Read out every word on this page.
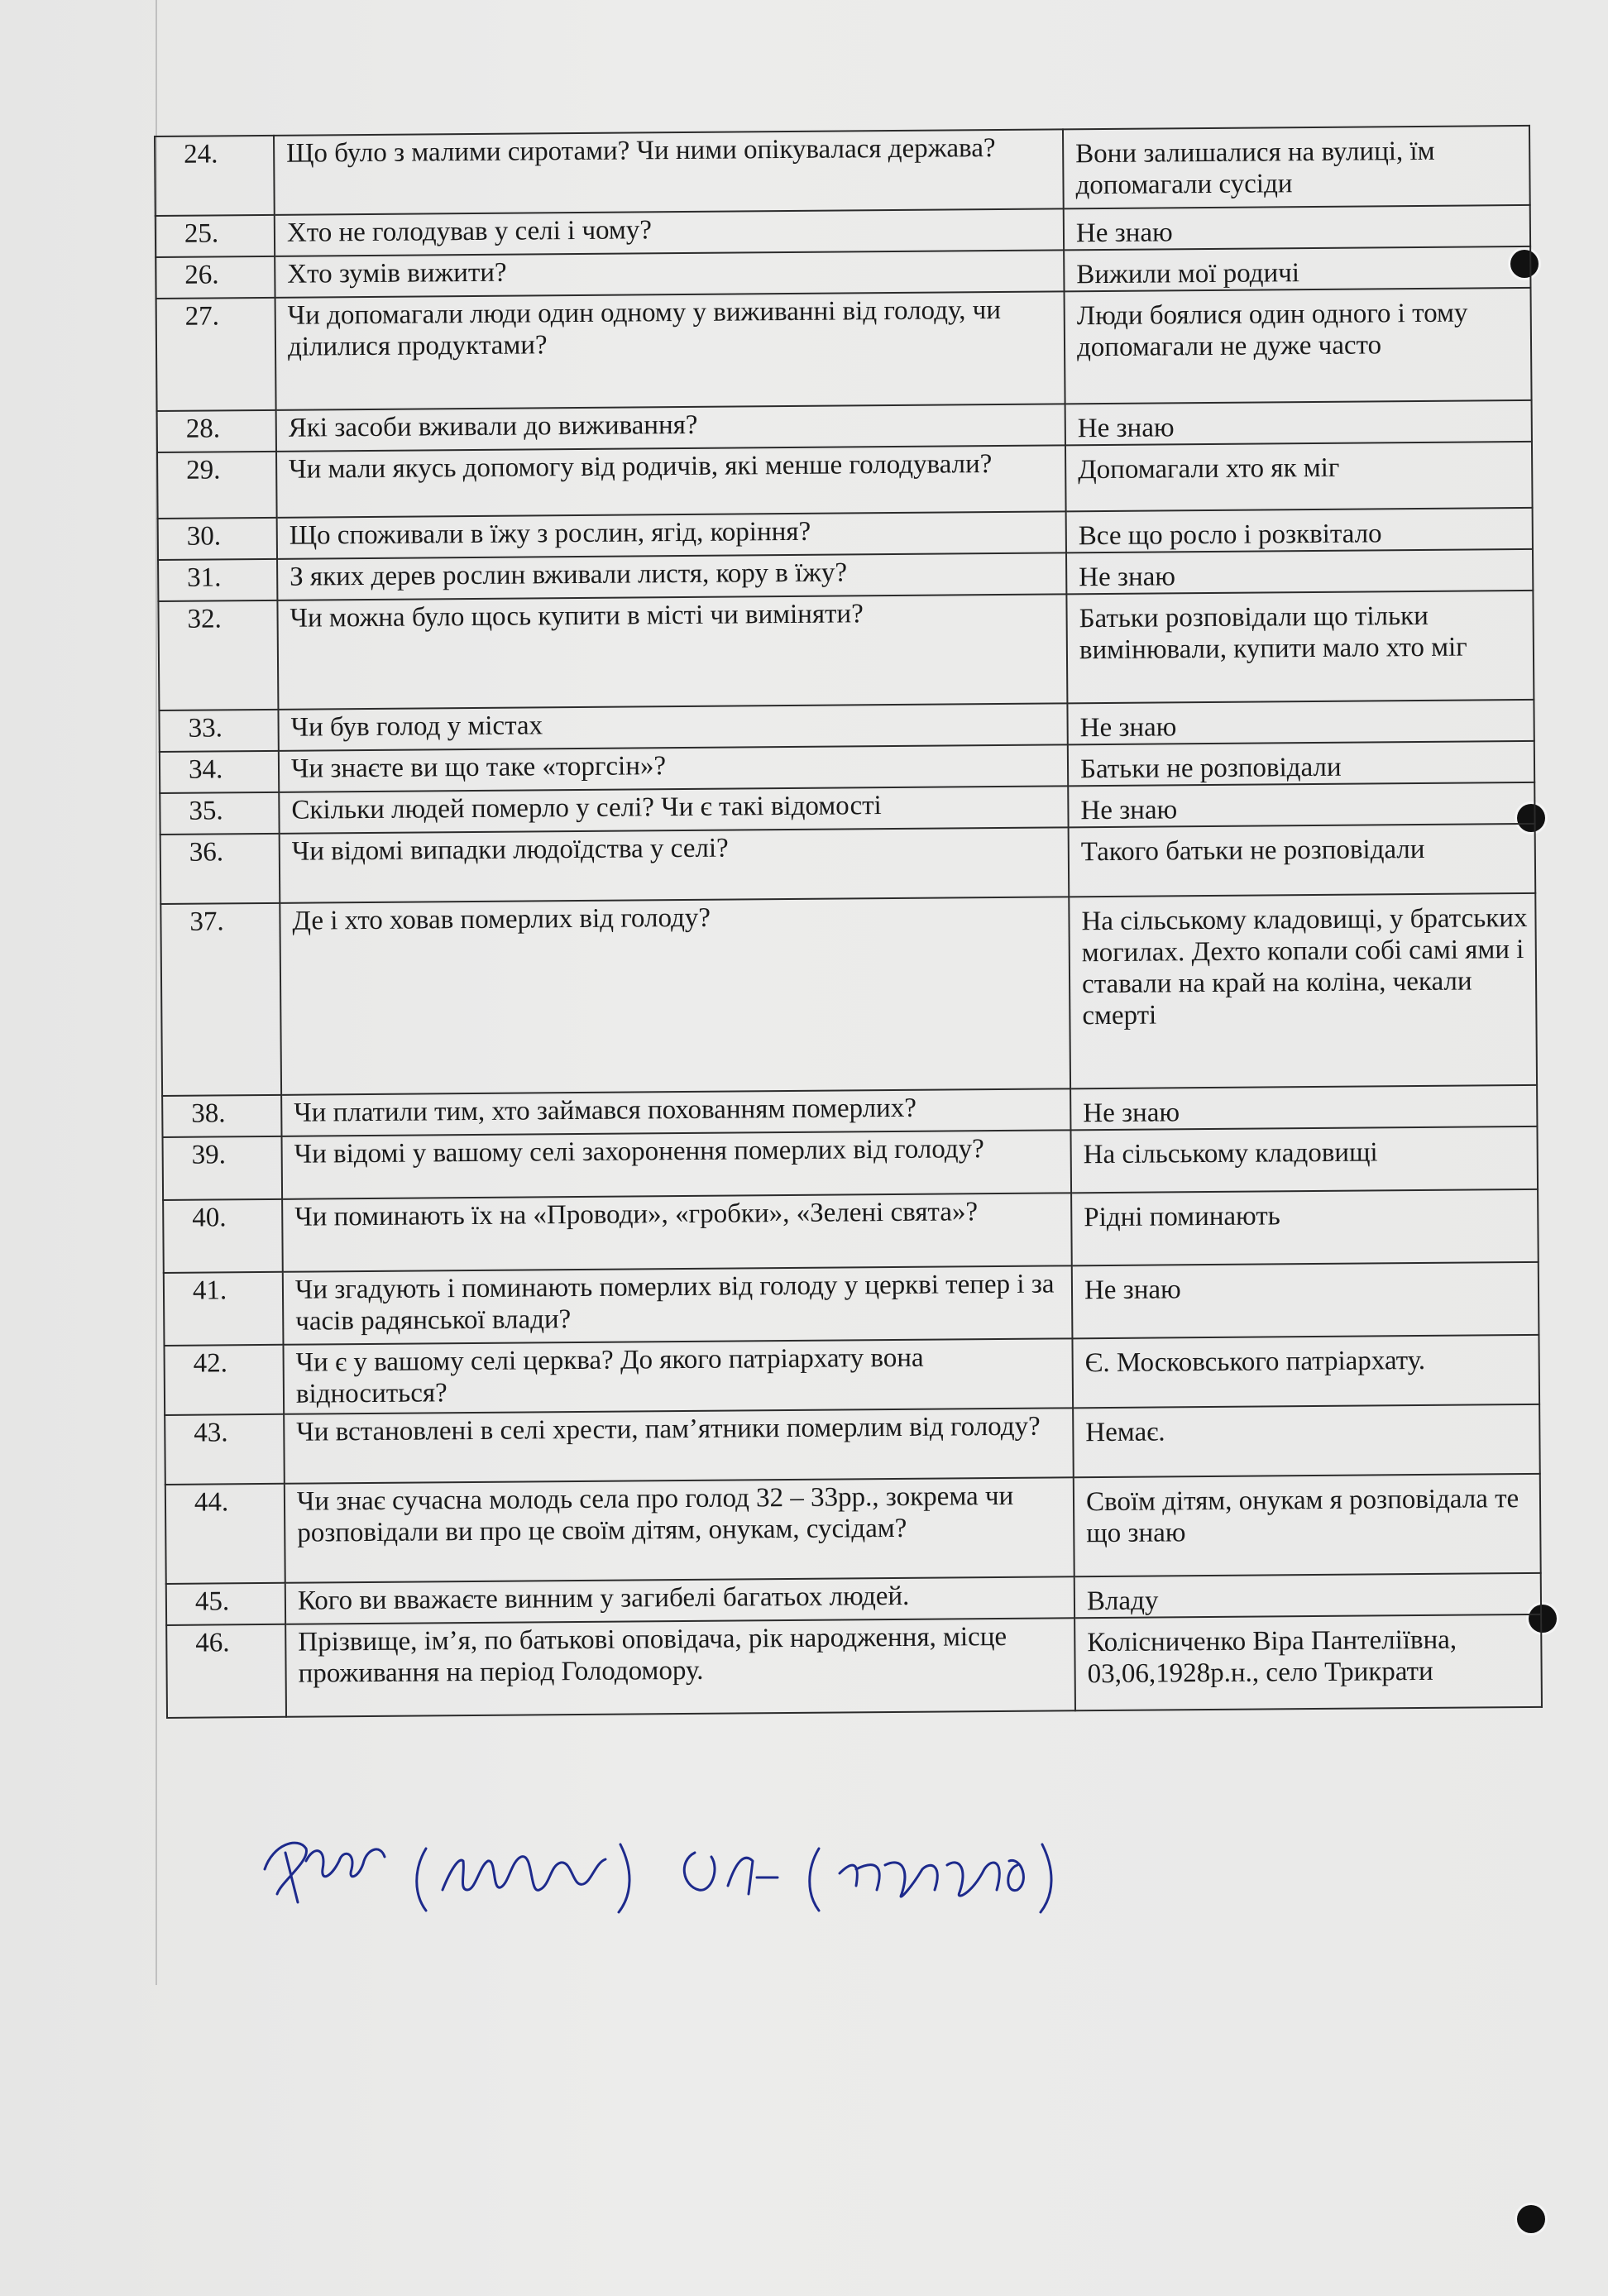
24.	Що було з малими сиротами? Чи ними опікувалася держава?	Вони залишалися на вулиці, їм допомагали сусіди
25.	Хто не голодував у селі і чому?	Не знаю
26.	Хто зумів вижити?	Вижили мої родичі
27.	Чи допомагали люди один одному у виживанні від голоду, чи ділилися продуктами?	Люди боялися один одного і тому допомагали не дуже часто
28.	Які засоби вживали до виживання?	Не знаю
29.	Чи мали якусь допомогу від родичів, які менше голодували?	Допомагали хто як міг
30.	Що споживали в їжу з рослин, ягід, коріння?	Все що росло і розквітало
31.	З яких дерев рослин вживали листя, кору в їжу?	Не знаю
32.	Чи можна було щось купити в місті чи виміняти?	Батьки розповідали що тільки вимінювали, купити мало хто міг
33.	Чи був голод у містах	Не знаю
34.	Чи знаєте ви що таке «торгсін»?	Батьки не розповідали
35.	Скільки людей померло у селі? Чи є такі відомості	Не знаю
36.	Чи відомі випадки людоїдства у селі?	Такого батьки не розповідали
37.	Де і хто ховав померлих від голоду?	На сільському кладовищі, у братських могилах. Дехто копали собі самі ями і ставали на край на коліна, чекали смерті
38.	Чи платили тим, хто займався похованням померлих?	Не знаю
39.	Чи відомі у вашому селі захоронення померлих від голоду?	На сільському кладовищі
40.	Чи поминають їх на «Проводи», «гробки», «Зелені свята»?	Рідні поминають
41.	Чи згадують і поминають померлих від голоду у церкві тепер і за часів радянської влади?	Не знаю
42.	Чи є у вашому селі церква? До якого патріархату вона відноситься?	Є. Московського патріархату.
43.	Чи встановлені в селі хрести, пам’ятники померлим від голоду?	Немає.
44.	Чи знає сучасна молодь села про голод 32 – 33рр., зокрема чи розповідали ви про це своїм дітям, онукам, сусідам?	Своїм дітям, онукам я розповідала те що знаю
45.	Кого ви вважаєте винним у загибелі багатьох людей.	Владу
46.	Прізвище, ім’я, по батькові оповідача, рік народження, місце проживання на період Голодомору.	Колісниченко Віра Пантеліївна, 03,06,1928р.н., село Трикрати
